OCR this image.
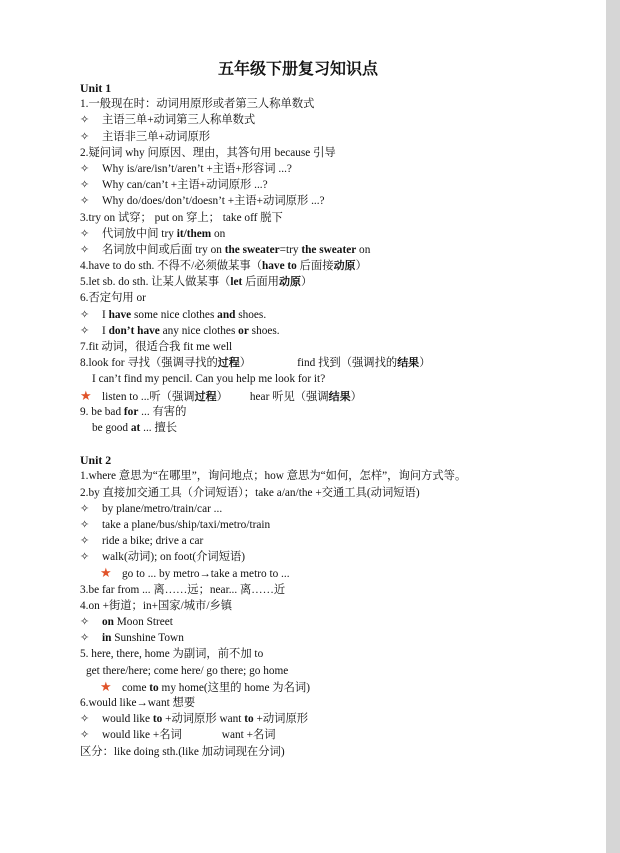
五年级下册复习知识点
Unit 1
1.一般现在时：动词用原形或者第三人称单数式
✧ 主语三单+动词第三人称单数式
✧ 主语非三单+动词原形
2.疑问词 why 问原因、理由，其答句用 because 引导
✧ Why is/are/isn’t/aren’t +主语+形容词 ...?
✧ Why can/can’t +主语+动词原形 ...?
✧ Why do/does/don’t/doesn’t +主语+动词原形 ...?
3.try on 试穿； put on 穿上； take off 脱下
✧ 代词放中间 try it/them on
✧ 名词放中间或后面 try on the sweater=try the sweater on
4.have to do sth. 不得不/必须做某事（have to 后面接动原）
5.let sb. do sth. 让某人做某事（let 后面用动原）
6.否定句用 or
✧ I have some nice clothes and shoes.
✧ I don’t have any nice clothes or shoes.
7.fit 动词，很适合我 fit me well
8.look for 寻找（强调寻找的过程）	find 找到（强调找的结果）
I can’t find my pencil. Can you help me look for it?
★ listen to ...听（强调过程） hear 听见（强调结果）
9. be bad for ... 有害的
be good at ... 擅长
Unit 2
1.where 意思为“在哪里”，询问地点；how 意思为“如何，怎样”，询问方式等。
2.by 直接加交通工具（介词短语）；take a/an/the +交通工具(动词短语)
✧ by plane/metro/train/car ...
✧ take a plane/bus/ship/taxi/metro/train
✧ ride a bike; drive a car
✧ walk(动词); on foot(介词短语)
★ go to ... by metro→take a metro to ...
3.be far from ... 离……远；near... 离……近
4.on +街道；in+国家/城市/乡镇
✧ on Moon Street
✧ in Sunshine Town
5. here, there, home 为副词，前不加 to
get there/here; come here/ go there; go home
★ come to my home(这里的 home 为名词)
6.would like→want 想要
✧ would like to +动词原形 want to +动词原形
✧ would like +名词	want +名词
区分：like doing sth.(like 加动词现在分词)
